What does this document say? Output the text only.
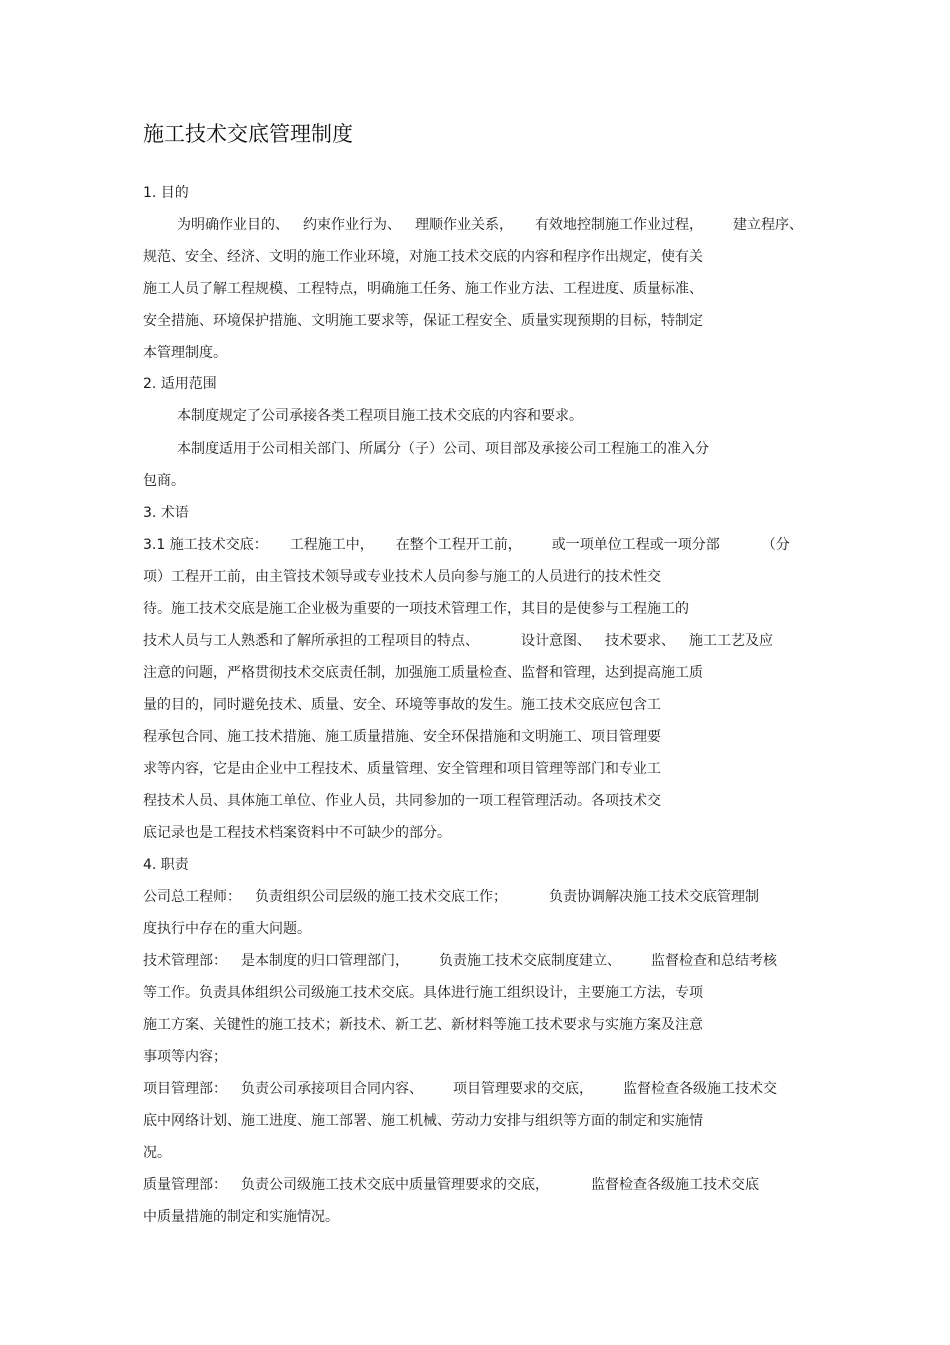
施工技术交底管理制度
1. 目的
为明确作业目的、 约束作业行为、 理顺作业关系， 有效地控制施工作业过程， 建立程序、
规范、安全、经济、文明的施工作业环境，对施工技术交底的内容和程序作出规定，使有关
施工人员了解工程规模、工程特点，明确施工任务、施工作业方法、工程进度、质量标准、
安全措施、环境保护措施、文明施工要求等，保证工程安全、质量实现预期的目标，特制定
本管理制度。
2. 适用范围
本制度规定了公司承接各类工程项目施工技术交底的内容和要求。
本制度适用于公司相关部门、所属分（子）公司、项目部及承接公司工程施工的准入分
包商。
3. 术语
3.1 施工技术交底： 工程施工中， 在整个工程开工前， 或一项单位工程或一项分部	（分
项）工程开工前，由主管技术领导或专业技术人员向参与施工的人员进行的技术性交
待。施工技术交底是施工企业极为重要的一项技术管理工作，其目的是使参与工程施工的
技术人员与工人熟悉和了解所承担的工程项目的特点、	设计意图、 技术要求、 施工工艺及应
注意的问题，严格贯彻技术交底责任制，加强施工质量检查、监督和管理，达到提高施工质
量的目的，同时避免技术、质量、安全、环境等事故的发生。施工技术交底应包含工
程承包合同、施工技术措施、施工质量措施、安全环保措施和文明施工、项目管理要
求等内容，它是由企业中工程技术、质量管理、安全管理和项目管理等部门和专业工
程技术人员、具体施工单位、作业人员，共同参加的一项工程管理活动。各项技术交
底记录也是工程技术档案资料中不可缺少的部分。
4. 职责
公司总工程师： 负责组织公司层级的施工技术交底工作；	负责协调解决施工技术交底管理制
度执行中存在的重大问题。
技术管理部： 是本制度的归口管理部门， 负责施工技术交底制度建立、 监督检查和总结考核
等工作。负责具体组织公司级施工技术交底。具体进行施工组织设计，主要施工方法，专项
施工方案、关键性的施工技术；新技术、新工艺、新材料等施工技术要求与实施方案及注意
事项等内容；
项目管理部： 负责公司承接项目合同内容、 项目管理要求的交底， 监督检查各级施工技术交
底中网络计划、施工进度、施工部署、施工机械、劳动力安排与组织等方面的制定和实施情
况。
质量管理部： 负责公司级施工技术交底中质量管理要求的交底，	监督检查各级施工技术交底
中质量措施的制定和实施情况。
